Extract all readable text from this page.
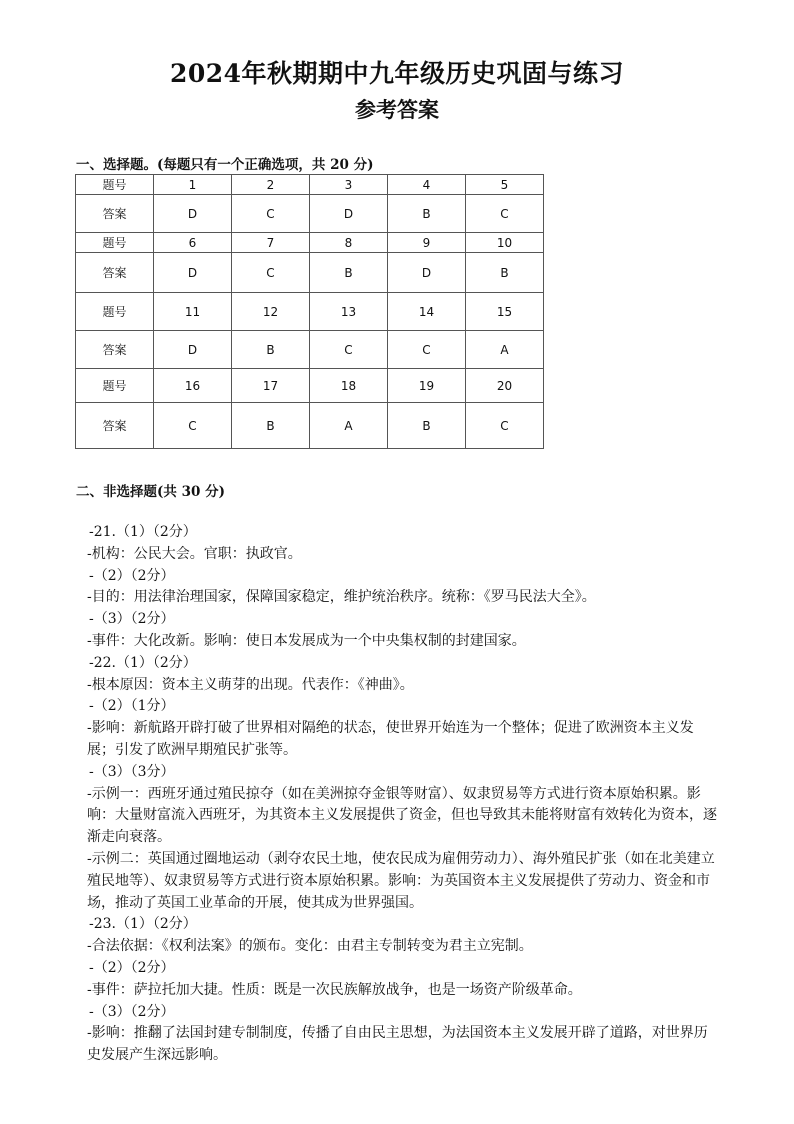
2024年秋期期中九年级历史巩固与练习
参考答案
一、选择题。(每题只有一个正确选项，共 20 分)
题号	1	2	3	4	5
答案	D	C	D	B	C
题号	6	7	8	9	10
答案	D	C	B	D	B
题号	11	12	13	14	15
答案	D	B	C	C	A
题号	16	17	18	19	20
答案	C	B	A	B	C
二、非选择题(共 30 分)

-21.（1）（2分）

-机构：公民大会。官职：执政官。

-（2）（2分）

-目的：用法律治理国家，保障国家稳定，维护统治秩序。统称：《罗马民法大全》。

-（3）（2分）

-事件：大化改新。影响：使日本发展成为一个中央集权制的封建国家。

-22.（1）（2分）

-根本原因：资本主义萌芽的出现。代表作：《神曲》。

-（2）（1分）

-影响：新航路开辟打破了世界相对隔绝的状态，使世界开始连为一个整体；促进了欧洲资本主义发展；引发了欧洲早期殖民扩张等。

-（3）（3分）

-示例一：西班牙通过殖民掠夺（如在美洲掠夺金银等财富）、奴隶贸易等方式进行资本原始积累。影响：大量财富流入西班牙，为其资本主义发展提供了资金，但也导致其未能将财富有效转化为资本，逐渐走向衰落。

-示例二：英国通过圈地运动（剥夺农民土地，使农民成为雇佣劳动力）、海外殖民扩张（如在北美建立殖民地等）、奴隶贸易等方式进行资本原始积累。影响：为英国资本主义发展提供了劳动力、资金和市场，推动了英国工业革命的开展，使其成为世界强国。

-23.（1）（2分）

-合法依据：《权利法案》的颁布。变化：由君主专制转变为君主立宪制。

-（2）（2分）

-事件：萨拉托加大捷。性质：既是一次民族解放战争，也是一场资产阶级革命。

-（3）（2分）

-影响：推翻了法国封建专制制度，传播了自由民主思想，为法国资本主义发展开辟了道路，对世界历史发展产生深远影响。
